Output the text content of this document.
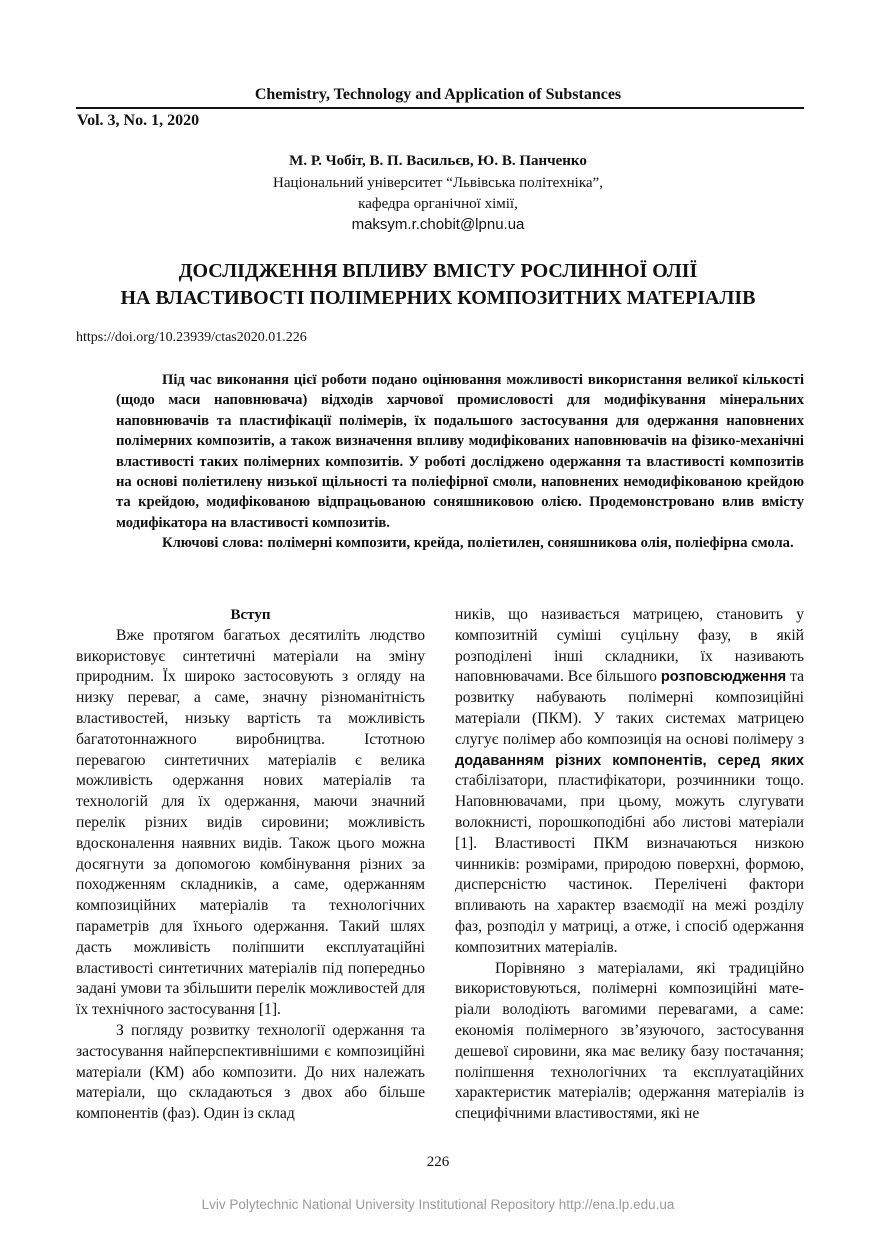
Chemistry, Technology and Application of Substances
Vol. 3, No. 1, 2020
М. Р. Чобіт, В. П. Васильєв, Ю. В. Панченко
Національний університет “Львівська політехніка”,
кафедра органічної хімії,
maksym.r.chobit@lpnu.ua
ДОСЛІДЖЕННЯ ВПЛИВУ ВМІСТУ РОСЛИННОЇ ОЛІЇ
НА ВЛАСТИВОСТІ ПОЛІМЕРНИХ КОМПОЗИТНИХ МАТЕРІАЛІВ
https://doi.org/10.23939/ctas2020.01.226

Під час виконання цієї роботи подано оцінювання можливості використання великої кількості (щодо маси наповнювача) відходів харчової промисловості для модифікування мінеральних наповнювачів та пластифікації полімерів, їх подальшого застосування для одержання наповнених полімерних композитів, а також визначення впливу модифікованих наповнювачів на фізико-механічні властивості таких полімерних композитів. У роботі досліджено одержання та властивості композитів на основі поліетилену низької щільності та поліефірної смоли, наповнених немодифікованою крейдою та крейдою, модифікованою відпрацьованою соняшниковою олією. Продемонстровано влив вмісту модифікатора на властивості композитів.

Ключові слова: полімерні композити, крейда, поліетилен, соняшникова олія, поліефірна смола.

Вступ

Вже протягом багатьох десятиліть людство використовує синтетичні матеріали на зміну природним. Їх широко застосовують з огляду на низку переваг, а саме, значну різноманітність властивостей, низьку вартість та можливість багатотоннажного виробництва. Істотною перевагою синтетичних матеріалів є велика можливість одержання нових матеріалів та технологій для їх одержання, маючи значний перелік різних видів сировини; можливість вдосконалення наявних видів. Також цього можна досягнути за допомогою комбінування різних за походженням складників, а саме, одержанням композиційних матеріалів та технологічних параметрів для їхнього одержання. Такий шлях дасть можливість поліпшити експлуатаційні властивості синтетичних матеріалів під попередньо задані умови та збільшити перелік можливостей для їх технічного застосування [1].

З погляду розвитку технології одержання та застосування найперспективнішими є композиційні матеріали (КМ) або композити. До них належать матеріали, що складаються з двох або більше компонентів (фаз). Один із склад

ників, що називається матрицею, становить у композитній суміші суцільну фазу, в якій розподілені інші складники, їх називають наповнювачами. Все більшого розповсюдження та розвитку набувають полімерні композиційні матеріали (ПКМ). У таких системах матрицею слугує полімер або композиція на основі полімеру з додаванням різних компонентів, серед яких стабілізатори, пластифікатори, розчинники тощо. Наповнювачами, при цьому, можуть слугувати волокнисті, порошкоподібні або листові матеріали [1]. Властивості ПКМ визначаються низкою чинників: розмірами, природою поверхні, формою, дисперсністю частинок. Перелічені фактори впливають на характер взаємодії на межі розділу фаз, розподіл у матриці, а отже, і спосіб одержання композитних матеріалів.

Порівняно з матеріалами, які традиційно використовуються, полімерні композиційні матеріали володіють вагомими перевагами, а саме: економія полімерного зв’язуючого, застосування дешевої сировини, яка має велику базу постачання; поліпшення технологічних та експлуатаційних характеристик матеріалів; одержання матеріалів із специфічними властивостями, які не

226
Lviv Polytechnic National University Institutional Repository http://ena.lp.edu.ua
